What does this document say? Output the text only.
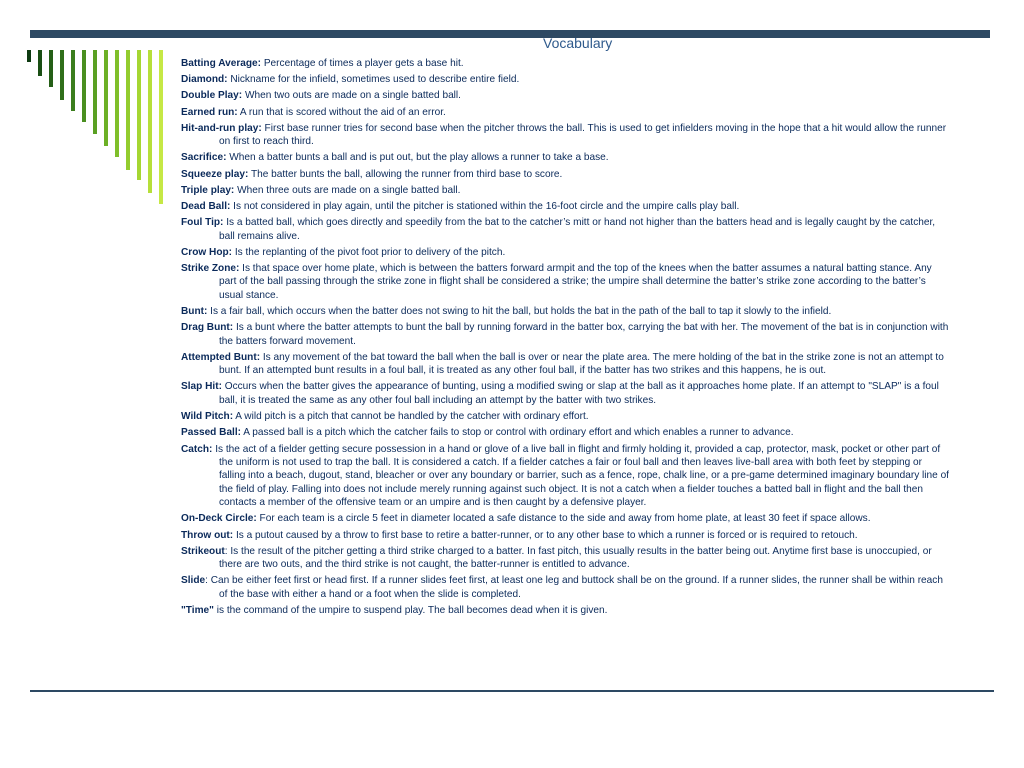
Vocabulary
Batting Average: Percentage of times a player gets a base hit.
Diamond: Nickname for the infield, sometimes used to describe entire field.
Double Play: When two outs are made on a single batted ball.
Earned run: A run that is scored without the aid of an error.
Hit-and-run play: First base runner tries for second base when the pitcher throws the ball. This is used to get infielders moving in the hope that a hit would allow the runner on first to reach third.
Sacrifice: When a batter bunts a ball and is put out, but the play allows a runner to take a base.
Squeeze play: The batter bunts the ball, allowing the runner from third base to score.
Triple play: When three outs are made on a single batted ball.
Dead Ball: Is not considered in play again, until the pitcher is stationed within the 16-foot circle and the umpire calls play ball.
Foul Tip: Is a batted ball, which goes directly and speedily from the bat to the catcher’s mitt or hand not higher than the batters head and is legally caught by the catcher, ball remains alive.
Crow Hop: Is the replanting of the pivot foot prior to delivery of the pitch.
Strike Zone: Is that space over home plate, which is between the batters forward armpit and the top of the knees when the batter assumes a natural batting stance. Any part of the ball passing through the strike zone in flight shall be considered a strike; the umpire shall determine the batter’s strike zone according to the batter’s usual stance.
Bunt: Is a fair ball, which occurs when the batter does not swing to hit the ball, but holds the bat in the path of the ball to tap it slowly to the infield.
Drag Bunt: Is a bunt where the batter attempts to bunt the ball by running forward in the batter box, carrying the bat with her. The movement of the bat is in conjunction with the batters forward movement.
Attempted Bunt: Is any movement of the bat toward the ball when the ball is over or near the plate area. The mere holding of the bat in the strike zone is not an attempt to bunt. If an attempted bunt results in a foul ball, it is treated as any other foul ball, if the batter has two strikes and this happens, he is out.
Slap Hit: Occurs when the batter gives the appearance of bunting, using a modified swing or slap at the ball as it approaches home plate. If an attempt to "SLAP" is a foul ball, it is treated the same as any other foul ball including an attempt by the batter with two strikes.
Wild Pitch: A wild pitch is a pitch that cannot be handled by the catcher with ordinary effort.
Passed Ball: A passed ball is a pitch which the catcher fails to stop or control with ordinary effort and which enables a runner to advance.
Catch: Is the act of a fielder getting secure possession in a hand or glove of a live ball in flight and firmly holding it, provided a cap, protector, mask, pocket or other part of the uniform is not used to trap the ball. It is considered a catch. If a fielder catches a fair or foul ball and then leaves live-ball area with both feet by stepping or falling into a beach, dugout, stand, bleacher or over any boundary or barrier, such as a fence, rope, chalk line, or a pre-game determined imaginary boundary line of the field of play. Falling into does not include merely running against such object. It is not a catch when a fielder touches a batted ball in flight and the ball then contacts a member of the offensive team or an umpire and is then caught by a defensive player.
On-Deck Circle: For each team is a circle 5 feet in diameter located a safe distance to the side and away from home plate, at least 30 feet if space allows.
Throw out: Is a putout caused by a throw to first base to retire a batter-runner, or to any other base to which a runner is forced or is required to retouch.
Strikeout: Is the result of the pitcher getting a third strike charged to a batter. In fast pitch, this usually results in the batter being out. Anytime first base is unoccupied, or there are two outs, and the third strike is not caught, the batter-runner is entitled to advance.
Slide: Can be either feet first or head first. If a runner slides feet first, at least one leg and buttock shall be on the ground. If a runner slides, the runner shall be within reach of the base with either a hand or a foot when the slide is completed.
"Time" is the command of the umpire to suspend play. The ball becomes dead when it is given.
